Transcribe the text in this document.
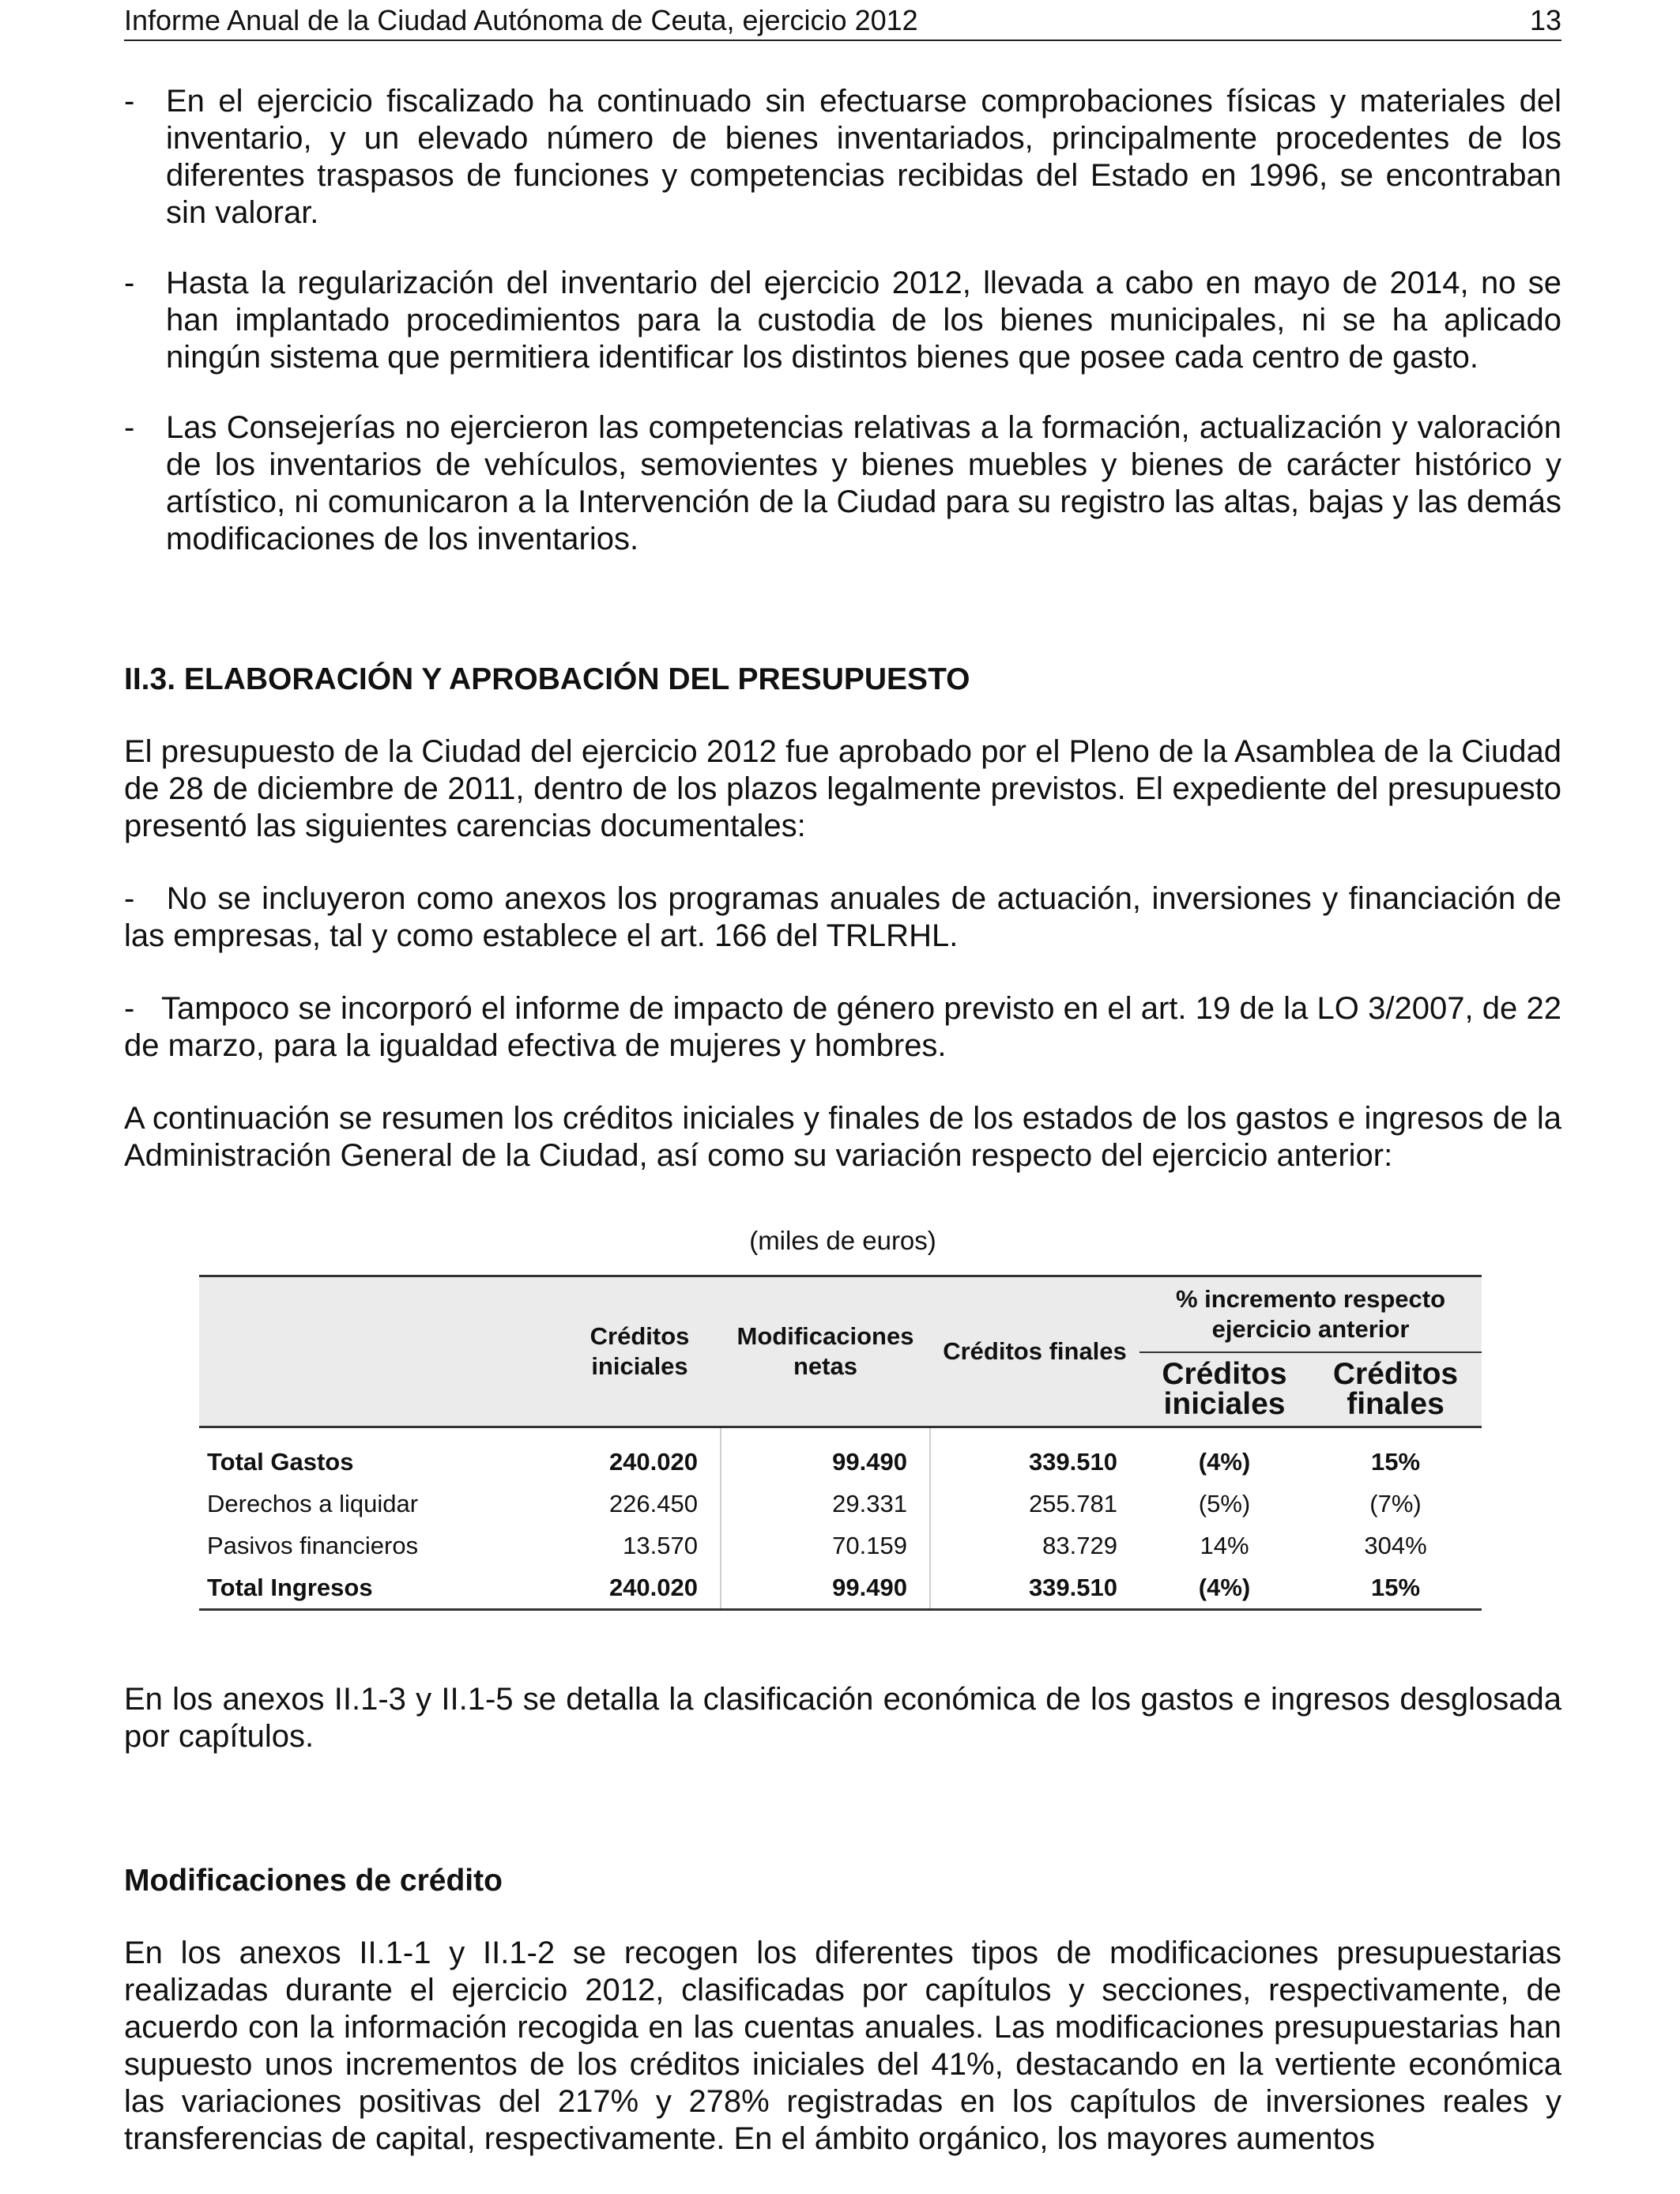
Informe Anual de la Ciudad Autónoma de Ceuta, ejercicio 2012	13

- En el ejercicio fiscalizado ha continuado sin efectuarse comprobaciones físicas y materiales del inventario, y un elevado número de bienes inventariados, principalmente procedentes de los diferentes traspasos de funciones y competencias recibidas del Estado en 1996, se encontraban sin valorar.

- Hasta la regularización del inventario del ejercicio 2012, llevada a cabo en mayo de 2014, no se han implantado procedimientos para la custodia de los bienes municipales, ni se ha aplicado ningún sistema que permitiera identificar los distintos bienes que posee cada centro de gasto.

- Las Consejerías no ejercieron las competencias relativas a la formación, actualización y valoración de los inventarios de vehículos, semovientes y bienes muebles y bienes de carácter histórico y artístico, ni comunicaron a la Intervención de la Ciudad para su registro las altas, bajas y las demás modificaciones de los inventarios.

II.3. ELABORACIÓN Y APROBACIÓN DEL PRESUPUESTO

El presupuesto de la Ciudad del ejercicio 2012 fue aprobado por el Pleno de la Asamblea de la Ciudad de 28 de diciembre de 2011, dentro de los plazos legalmente previstos. El expediente del presupuesto presentó las siguientes carencias documentales:

-   No se incluyeron como anexos los programas anuales de actuación, inversiones y financiación de las empresas, tal y como establece el art. 166 del TRLRHL.

-   Tampoco se incorporó el informe de impacto de género previsto en el art. 19 de la LO 3/2007, de 22 de marzo, para la igualdad efectiva de mujeres y hombres.

A continuación se resumen los créditos iniciales y finales de los estados de los gastos e ingresos de la Administración General de la Ciudad, así como su variación respecto del ejercicio anterior:

(miles de euros)
	Créditos iniciales	Modificaciones netas	Créditos finales	% incremento respecto ejercicio anterior	
				Créditos iniciales	Créditos finales
Total Gastos	240.020	99.490	339.510	(4%)	15%
Derechos a liquidar	226.450	29.331	255.781	(5%)	(7%)
Pasivos financieros	13.570	70.159	83.729	14%	304%
Total Ingresos	240.020	99.490	339.510	(4%)	15%

En los anexos II.1-3 y II.1-5 se detalla la clasificación económica de los gastos e ingresos desglosada por capítulos.

Modificaciones de crédito

En los anexos II.1-1 y II.1-2 se recogen los diferentes tipos de modificaciones presupuestarias realizadas durante el ejercicio 2012, clasificadas por capítulos y secciones, respectivamente, de acuerdo con la información recogida en las cuentas anuales. Las modificaciones presupuestarias han supuesto unos incrementos de los créditos iniciales del 41%, destacando en la vertiente económica las variaciones positivas del 217% y 278% registradas en los capítulos de inversiones reales y transferencias de capital, respectivamente. En el ámbito orgánico, los mayores aumentos
